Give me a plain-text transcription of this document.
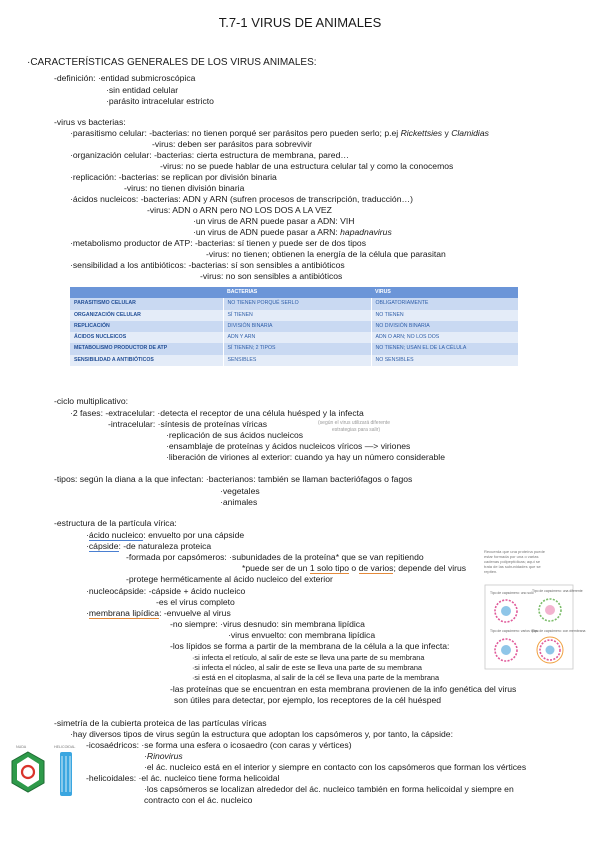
T.7-1 VIRUS DE ANIMALES
·CARACTERÍSTICAS GENERALES DE LOS VIRUS ANIMALES:
-definición: ·entidad submicroscópica
·sin entidad celular
·parásito intracelular estricto
-virus vs bacterias:
·parasitismo celular: -bacterias: no tienen porqué ser parásitos pero pueden serlo; p.ej Rickettsies y Clamidias
-virus: deben ser parásitos para sobrevivir
·organización celular: -bacterias: cierta estructura de membrana, pared…
-virus: no se puede hablar de una estructura celular tal y como la conocemos
·replicación: -bacterias: se replican por división binaria
-virus: no tienen división binaria
·ácidos nucleicos: -bacterias: ADN y ARN (sufren procesos de transcripción, traducción…)
-virus: ADN o ARN pero NO LOS DOS A LA VEZ
·un virus de ARN puede pasar a ADN: VIH
·un virus de ADN puede pasar a ARN: hapadnavirus
·metabolismo productor de ATP: -bacterias: sí tienen y puede ser de dos tipos
-virus: no tienen; obtienen la energía de la célula que parasitan
·sensibilidad a los antibióticos: -bacterias: sí son sensibles a antibióticos
-virus: no son sensibles a antibióticos
	BACTERIAS	VIRUS
PARASITISMO CELULAR	NO TIENEN PORQUÉ SERLO	OBLIGATORIAMENTE
ORGANIZACIÓN CELULAR	SÍ TIENEN	NO TIENEN
REPLICACIÓN	DIVISIÓN BINARIA	NO DIVISIÓN BINARIA
ÁCIDOS NUCLEICOS	ADN Y ARN	ADN O ARN; NO LOS DOS
METABOLISMO PRODUCTOR DE ATP	SÍ TIENEN; 2 TIPOS	NO TIENEN; USAN EL DE LA CÉLULA
SENSIBILIDAD A ANTIBIÓTICOS	SENSIBLES	NO SENSIBLES
-ciclo multiplicativo:
·2 fases: -extracelular: ·detecta el receptor de una célula huésped y la infecta
-intracelular: ·síntesis de proteínas víricas
·replicación de sus ácidos nucleicos
·ensamblaje de proteínas y ácidos nucleicos víricos —> viriones
·liberación de viriones al exterior: cuando ya hay un número considerable
(según el virus utilizará diferente
estrategias para salir)
-tipos: según la diana a la que infectan: ·bacterianos: también se llaman bacteriófagos o fagos
·vegetales
·animales
-estructura de la partícula vírica:
·ácido nucleico: envuelto por una cápside
·cápside: -de naturaleza proteica
-formada por capsómeros: ·subunidades de la proteína* que se van repitiendo
*puede ser de un 1 solo tipo o de varios; depende del virus
-protege herméticamente al ácido nucleico del exterior
·nucleocápside: -cápside + ácido nucleico
-es el virus completo
·membrana lipídica: -envuelve al virus
-no siempre: ·virus desnudo: sin membrana lipídica
·virus envuelto: con membrana lipídica
-los lípidos se forma a partir de la membrana de la célula a la que infecta:
·si infecta el retículo, al salir de este se lleva una parte de su membrana
·si infecta el núcleo, al salir de este se lleva una parte de su membrana
·si está en el citoplasma, al salir de la cél se lleva una parte de la membrana
-las proteínas que se encuentran en esta membrana provienen de la info genética del virus
son útiles para detectar, por ejemplo, los receptores de la cél huésped
Recuerda que una proteína puede estar formada por una o varias cadenas polipeptídicas; aquí se trata de las subunidades que se repiten.
Tipo de capsómero: uno solo
Tipo de capsómero: una diferente
Tipo de capsómero: varios tipos
Tipo de capsómero: con membrana
-simetría de la cubierta proteica de las partículas víricas
·hay diversos tipos de virus según la estructura que adoptan los capsómeros y, por tanto, la cápside:
-icosaédricos: ·se forma una esfera o icosaedro (con caras y vértices)
·Rinovirus
·el ác. nucleico está en el interior y siempre en contacto con los capsómeros que forman los vértices
-helicoidales: ·el ác. nucleico tiene forma helicoidal
·los capsómeros se localizan alrededor del ác. nucleico también en forma helicoidal y siempre en
contracto con el ác. nucleico
NUDA	HELICOIDAL
